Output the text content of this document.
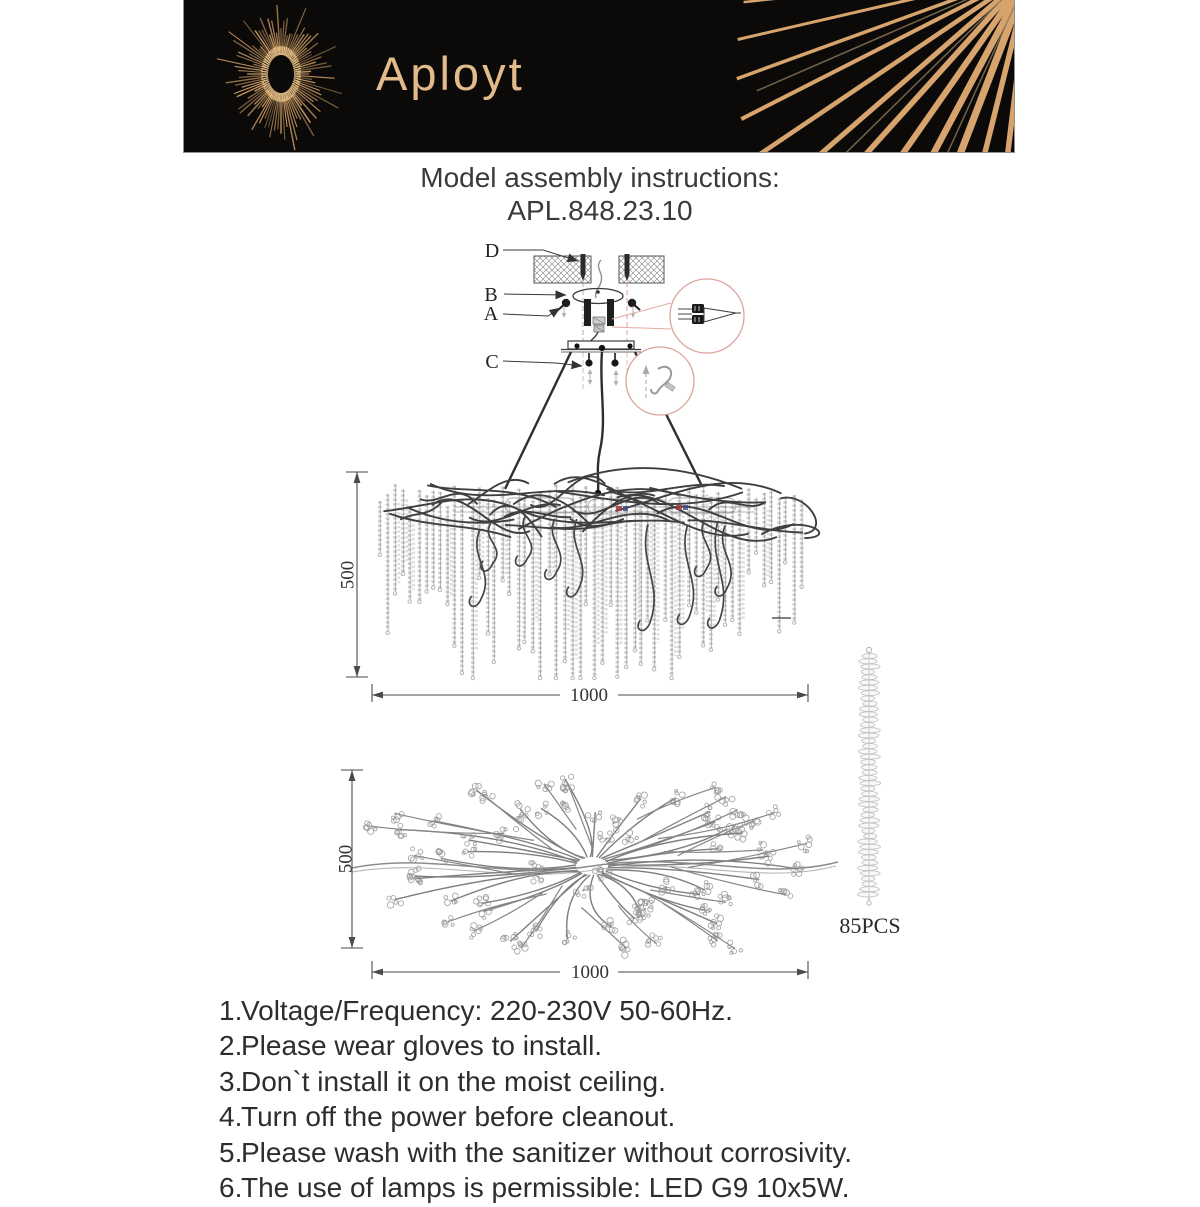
Aployt
Model assembly instructions:
APL.848.23.10
D
B
A
C
500
1000
500
1000
85PCS
1.
Voltage/Frequency: 220-230V 50-60Hz.
2.
Please wear gloves to install.
3.
Don`t install it on the moist ceiling.
4.
Turn off the power before cleanout.
5.
Please wash with the sanitizer without corrosivity.
6.
The use of lamps is permissible: LED G9 10x5W.
